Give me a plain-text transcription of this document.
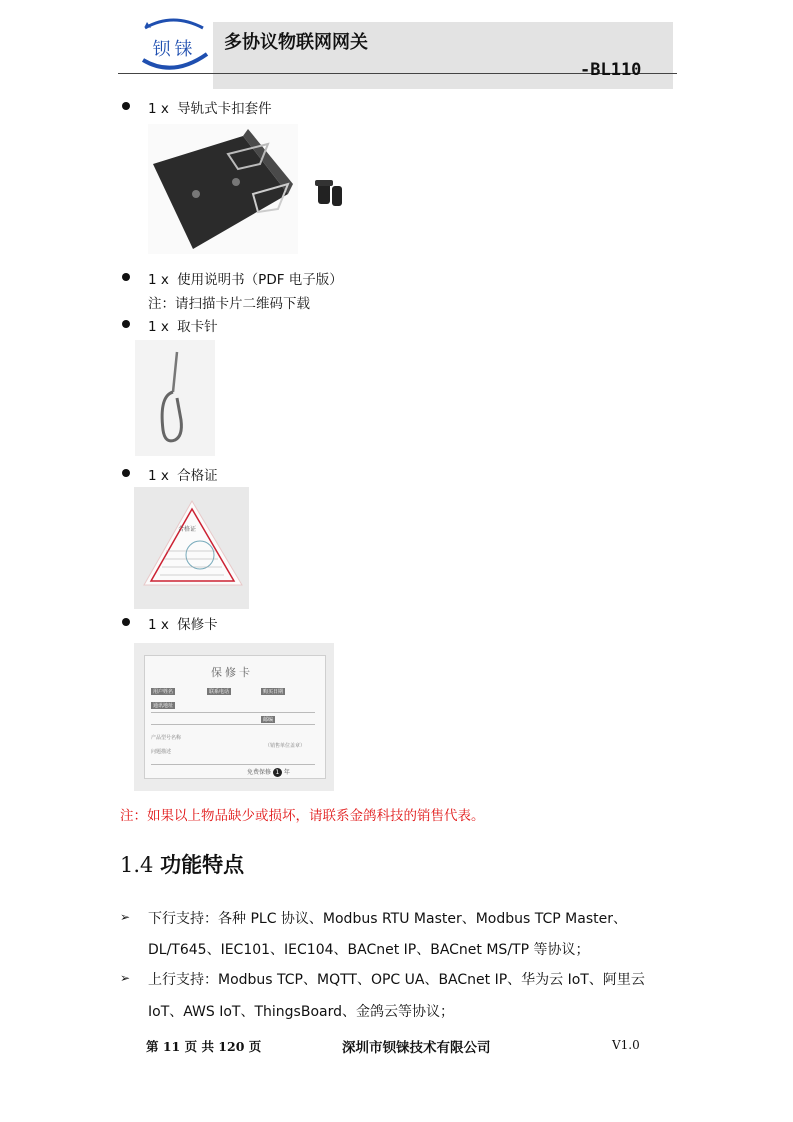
钡铼	多协议物联网网关
-BL110
1 x 导轨式卡扣套件
1 x 使用说明书（PDF 电子版）
注：请扫描卡片二维码下载
1 x 取卡针
1 x 合格证
合格证
1 x 保修卡
保修卡
用户姓名	联系电话	购买日期
通讯地址
邮编
产品型号名称
问题描述
（销售单位盖章）
免费保修 1 年
注：如果以上物品缺少或损坏，请联系金鸽科技的销售代表。
1.4 功能特点
➢ 下行支持：各种 PLC 协议、Modbus RTU Master、Modbus TCP Master、
DL/T645、IEC101、IEC104、BACnet IP、BACnet MS/TP 等协议；
➢ 上行支持：Modbus TCP、MQTT、OPC UA、BACnet IP、华为云 IoT、阿里云
IoT、AWS IoT、ThingsBoard、金鸽云等协议；
第 11 页 共 120 页	深圳市钡铼技术有限公司	V1.0
